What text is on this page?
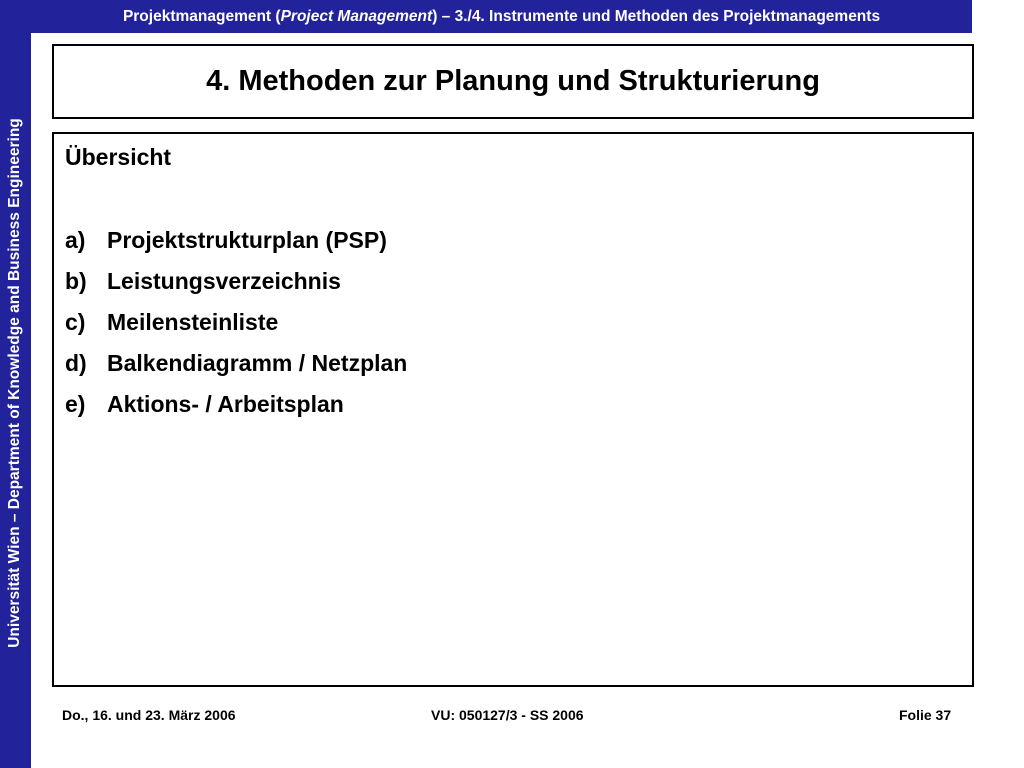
Universität Wien – Department of Knowledge and Business Engineering
Projektmanagement ( Project Management ) – 3./4. Instrumente und Methoden des Projektmanagements
4. Methoden zur Planung und Strukturierung
Übersicht
a) Projektstrukturplan (PSP)
b) Leistungsverzeichnis
c) Meilensteinliste
d) Balkendiagramm / Netzplan
e) Aktions- / Arbeitsplan
Do., 16. und 23. März 2006	VU: 050127/3 - SS 2006	Folie 37
